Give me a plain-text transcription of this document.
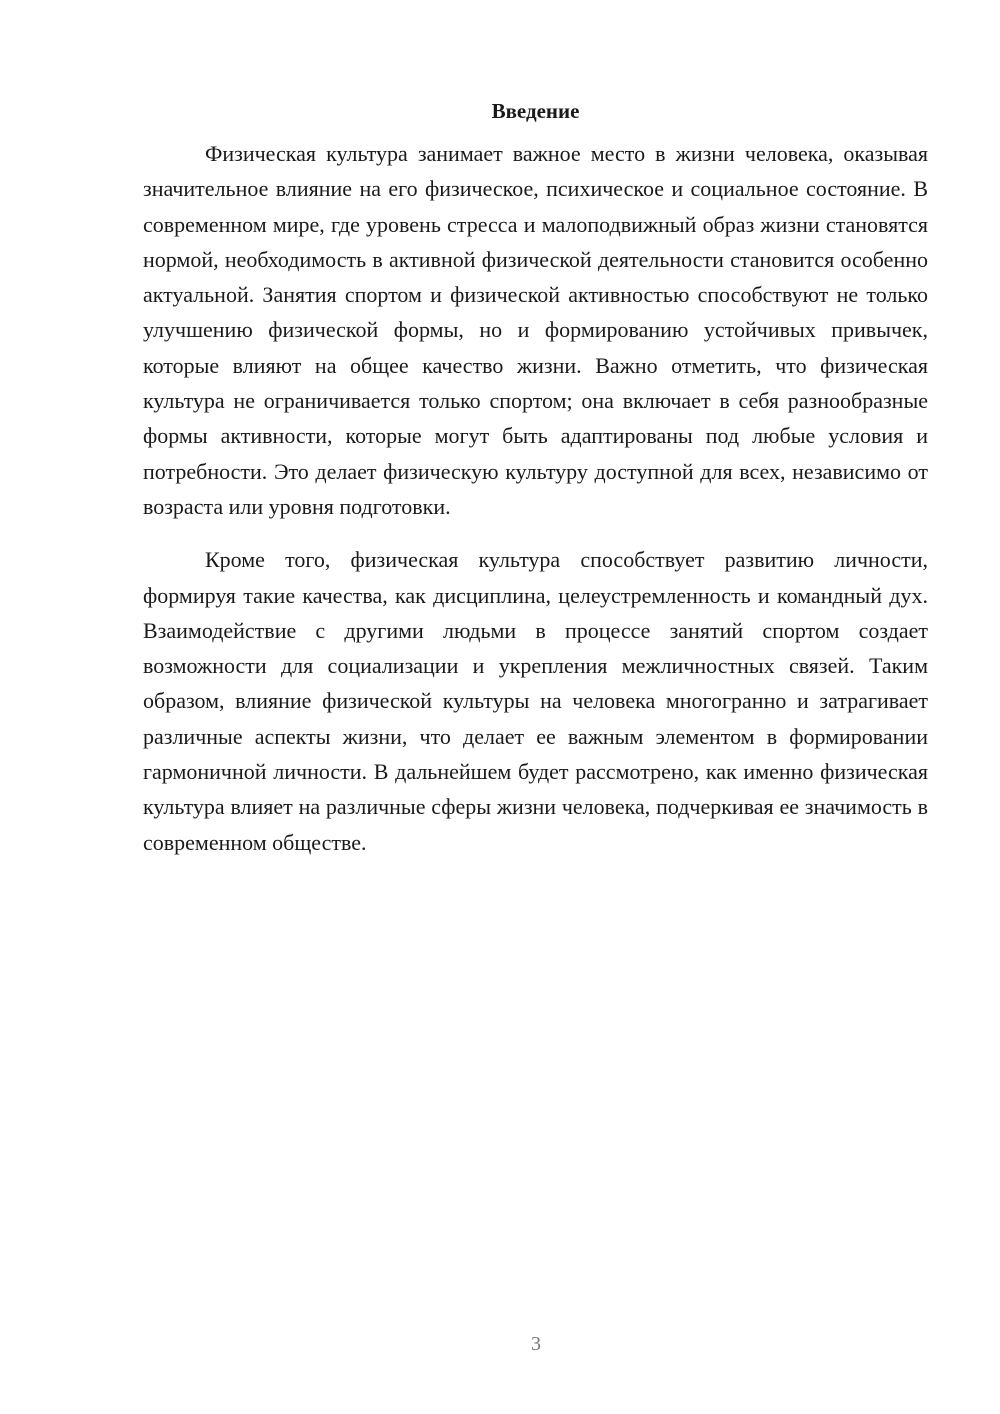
Введение

Физическая культура занимает важное место в жизни человека, оказывая значительное влияние на его физическое, психическое и социальное состояние. В современном мире, где уровень стресса и малоподвижный образ жизни становятся нормой, необходимость в активной физической деятельности становится особенно актуальной. Занятия спортом и физической активностью способствуют не только улучшению физической формы, но и формированию устойчивых привычек, которые влияют на общее качество жизни. Важно отметить, что физическая культура не ограничивается только спортом; она включает в себя разнообразные формы активности, которые могут быть адаптированы под любые условия и потребности. Это делает физическую культуру доступной для всех, независимо от возраста или уровня подготовки.

Кроме того, физическая культура способствует развитию личности, формируя такие качества, как дисциплина, целеустремленность и командный дух. Взаимодействие с другими людьми в процессе занятий спортом создает возможности для социализации и укрепления межличностных связей. Таким образом, влияние физической культуры на человека многогранно и затрагивает различные аспекты жизни, что делает ее важным элементом в формировании гармоничной личности. В дальнейшем будет рассмотрено, как именно физическая культура влияет на различные сферы жизни человека, подчеркивая ее значимость в современном обществе.

3
